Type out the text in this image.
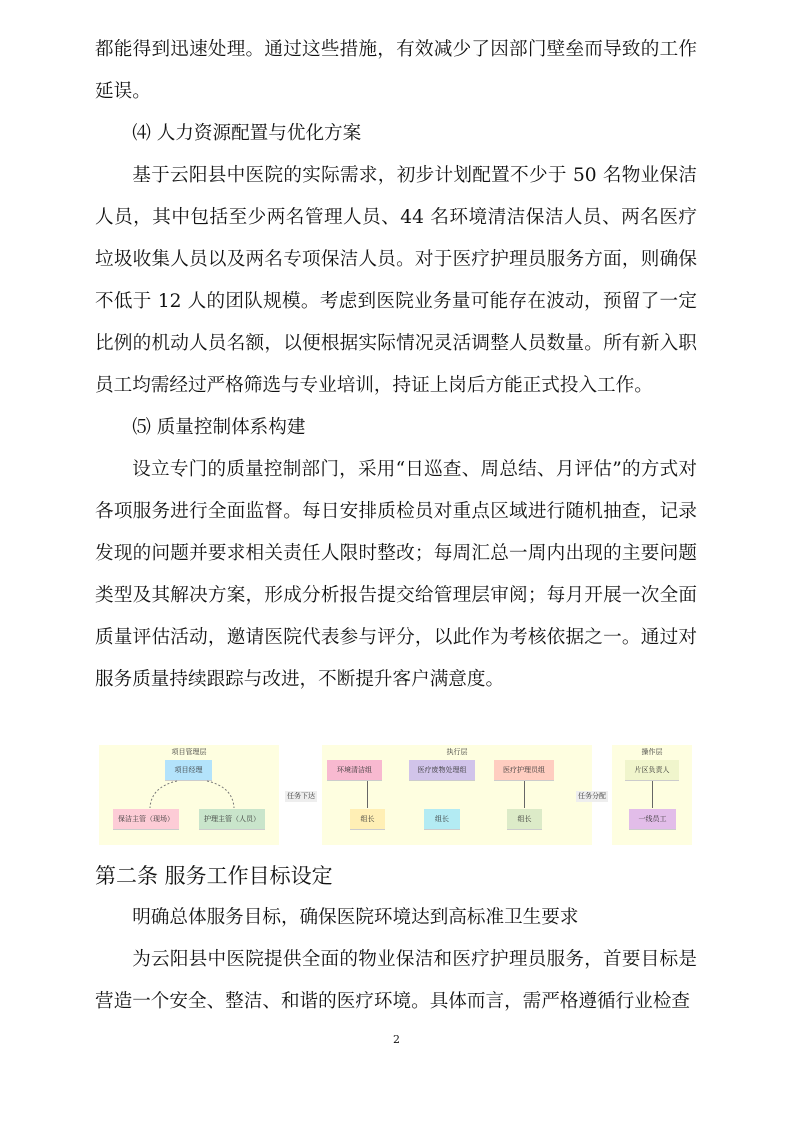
都能得到迅速处理。通过这些措施，有效减少了因部门壁垒而导致的工作延误。

⑷ 人力资源配置与优化方案

基于云阳县中医院的实际需求，初步计划配置不少于 50 名物业保洁人员，其中包括至少两名管理人员、44 名环境清洁保洁人员、两名医疗垃圾收集人员以及两名专项保洁人员。对于医疗护理员服务方面，则确保不低于 12 人的团队规模。考虑到医院业务量可能存在波动，预留了一定比例的机动人员名额，以便根据实际情况灵活调整人员数量。所有新入职员工均需经过严格筛选与专业培训，持证上岗后方能正式投入工作。

⑸ 质量控制体系构建

设立专门的质量控制部门，采用“日巡查、周总结、月评估”的方式对各项服务进行全面监督。每日安排质检员对重点区域进行随机抽查，记录发现的问题并要求相关责任人限时整改；每周汇总一周内出现的主要问题类型及其解决方案，形成分析报告提交给管理层审阅；每月开展一次全面质量评估活动，邀请医院代表参与评分，以此作为考核依据之一。通过对服务质量持续跟踪与改进，不断提升客户满意度。

项目管理层
项目经理
保洁主管（现场）	护理主管（人员）
任务下达
执行层
环境清洁组	医疗废物处理组	医疗护理员组
组长	组长	组长
任务分配
操作层
片区负责人
一线员工

第二条 服务工作目标设定

明确总体服务目标，确保医院环境达到高标准卫生要求

为云阳县中医院提供全面的物业保洁和医疗护理员服务，首要目标是营造一个安全、整洁、和谐的医疗环境。具体而言，需严格遵循行业检查

2
